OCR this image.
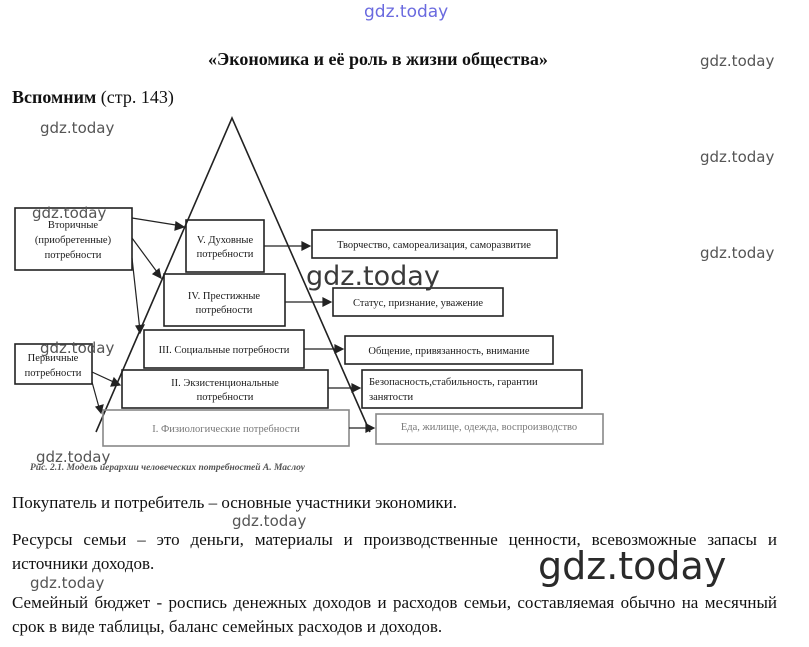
gdz.today
gdz.today
gdz.today
gdz.today
«Экономика и её роль в жизни общества»
Вспомним (стр. 143)
V. Духовные
потребности
IV. Престижные
потребности
III. Социальные потребности
II. Экзистенциональные
потребности
I. Физиологические потребности
Творчество, самореализация, саморазвитие
Статус, признание, уважение
Общение, привязанность, внимание
Еда, жилище, одежда, воспроизводство
Вторичные
(приобретенные)
потребности
Первичные
потребности
Безопасность,стабильность, гарантии
занятости
gdz.today
gdz.today
gdz.today
gdz.today
gdz.today
Рис. 2.1. Модель иерархии человеческих потребностей А. Маслоу
Покупатель и потребитель – основные участники экономики.
Ресурсы семьи – это деньги, материалы и производственные ценности, всевозможные запасы и источники доходов.
Семейный бюджет - роспись денежных доходов и расходов семьи, составляемая обычно на месячный срок в виде таблицы, баланс семейных расходов и доходов.
gdz.today
gdz.today
gdz.today
